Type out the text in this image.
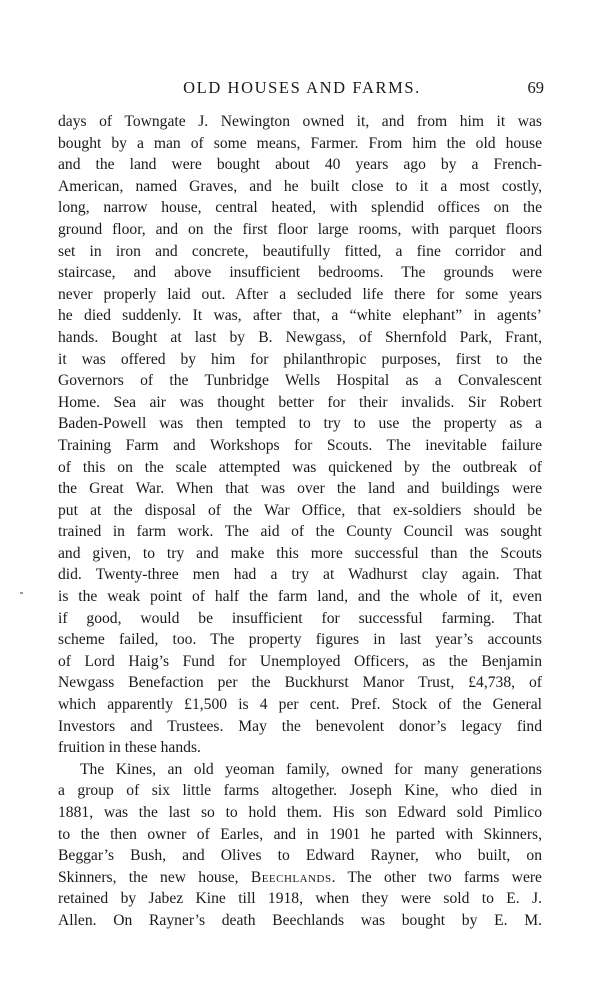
OLD HOUSES AND FARMS.	69
days of Towngate J. Newington owned it, and from him it was
bought by a man of some means, Farmer. From him the old house
and the land were bought about 40 years ago by a French-
American, named Graves, and he built close to it a most costly,
long, narrow house, central heated, with splendid offices on the
ground floor, and on the first floor large rooms, with parquet floors
set in iron and concrete, beautifully fitted, a fine corridor and
staircase, and above insufficient bedrooms. The grounds were
never properly laid out. After a secluded life there for some years
he died suddenly. It was, after that, a “white elephant” in agents’
hands. Bought at last by B. Newgass, of Shernfold Park, Frant,
it was offered by him for philanthropic purposes, first to the
Governors of the Tunbridge Wells Hospital as a Convalescent
Home. Sea air was thought better for their invalids. Sir Robert
Baden-Powell was then tempted to try to use the property as a
Training Farm and Workshops for Scouts. The inevitable failure
of this on the scale attempted was quickened by the outbreak of
the Great War. When that was over the land and buildings were
put at the disposal of the War Office, that ex-soldiers should be
trained in farm work. The aid of the County Council was sought
and given, to try and make this more successful than the Scouts
did. Twenty-three men had a try at Wadhurst clay again. That
is the weak point of half the farm land, and the whole of it, even
if good, would be insufficient for successful farming. That
scheme failed, too. The property figures in last year’s accounts
of Lord Haig’s Fund for Unemployed Officers, as the Benjamin
Newgass Benefaction per the Buckhurst Manor Trust, £4,738, of
which apparently £1,500 is 4 per cent. Pref. Stock of the General
Investors and Trustees. May the benevolent donor’s legacy find
fruition in these hands.
The Kines, an old yeoman family, owned for many generations
a group of six little farms altogether. Joseph Kine, who died in
1881, was the last so to hold them. His son Edward sold Pimlico
to the then owner of Earles, and in 1901 he parted with Skinners,
Beggar’s Bush, and Olives to Edward Rayner, who built, on
Skinners, the new house, Beechlands. The other two farms were
retained by Jabez Kine till 1918, when they were sold to E. J.
Allen. On Rayner’s death Beechlands was bought by E. M.
